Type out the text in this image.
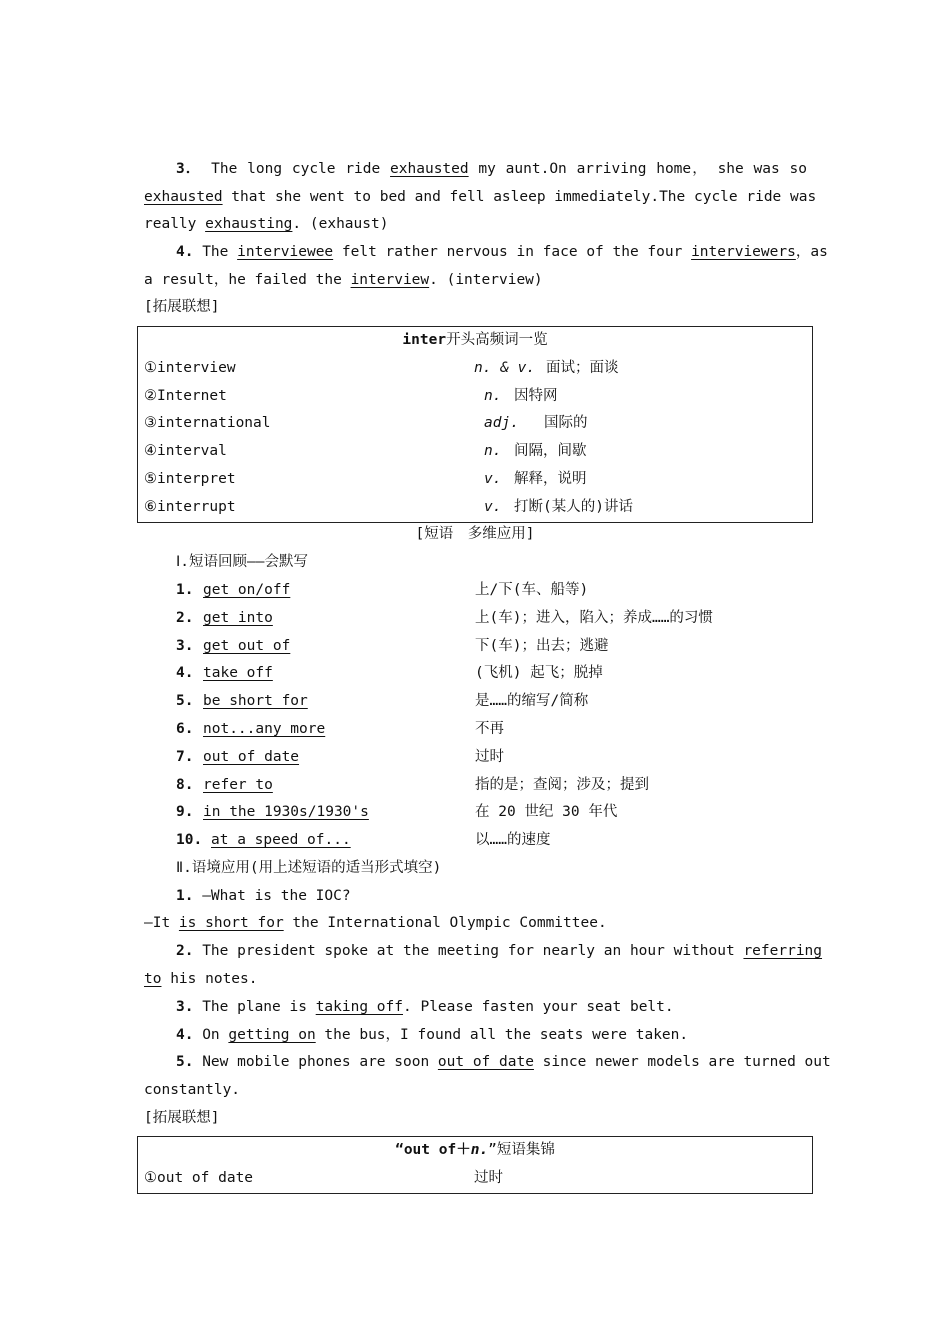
3． The long cycle ride exhausted my aunt.On arriving home， she was so
exhausted that she went to bed and fell asleep immediately.The cycle ride was
really exhausting. (exhaust)
4. The interviewee felt rather nervous in face of the four interviewers，as
a result，he failed the interview. (interview)
[拓展联想]
inter开头高频词一览
①interview	n. & v. 面试；面谈
②Internet	n. 因特网
③international	adj. 国际的
④interval	n. 间隔，间歇
⑤interpret	v. 解释，说明
⑥interrupt	v. 打断(某人的)讲话
[短语　多维应用]
Ⅰ.短语回顾——会默写
1. get on/off	上/下(车、船等)
2. get into	上(车)；进入，陷入；养成……的习惯
3. get out of	下(车)；出去；逃避
4. take off	(飞机) 起飞；脱掉
5. be short for	是……的缩写/简称
6. not...any more	不再
7. out of date	过时
8. refer to	指的是；查阅；涉及；提到
9. in the 1930s/1930's	在 20 世纪 30 年代
10. at a speed of...	以……的速度
Ⅱ.语境应用(用上述短语的适当形式填空)
1. —What is the IOC?
—It is short for the International Olympic Committee.
2. The president spoke at the meeting for nearly an hour without referring
to his notes.
3. The plane is taking off. Please fasten your seat belt.
4. On getting on the bus，I found all the seats were taken.
5. New mobile phones are soon out of date since newer models are turned out
constantly.
[拓展联想]
“out of＋n.”短语集锦
①out of date	过时
